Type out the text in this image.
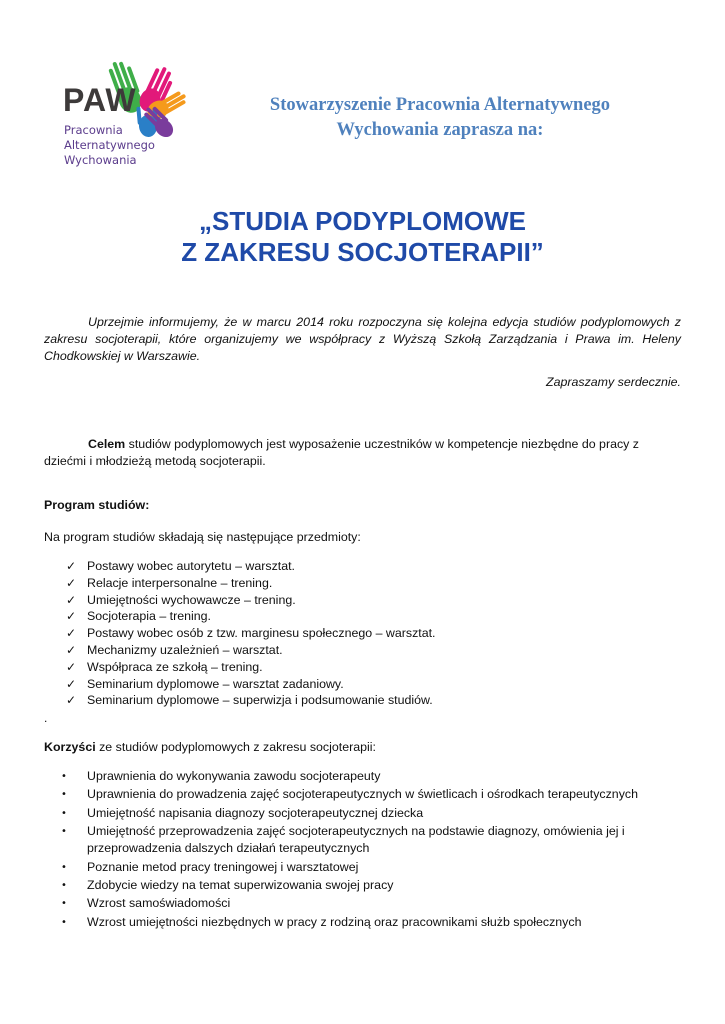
PAW
Pracownia
Alternatywnego
Wychowania
Stowarzyszenie Pracownia Alternatywnego
Wychowania zaprasza na:
„STUDIA PODYPLOMOWE
Z ZAKRESU SOCJOTERAPII”

Uprzejmie informujemy, że w marcu 2014 roku rozpoczyna się kolejna edycja studiów podyplomowych z zakresu socjoterapii, które organizujemy we współpracy z Wyższą Szkołą Zarządzania i Prawa im. Heleny Chodkowskiej w Warszawie.

Zapraszamy serdecznie.

Celem studiów podyplomowych jest wyposażenie uczestników w kompetencje niezbędne do pracy z dziećmi i młodzieżą metodą socjoterapii.

Program studiów:
Na program studiów składają się następujące przedmioty:
✓ Postawy wobec autorytetu – warsztat.
✓ Relacje interpersonalne – trening.
✓ Umiejętności wychowawcze – trening.
✓ Socjoterapia – trening.
✓ Postawy wobec osób z tzw. marginesu społecznego – warsztat.
✓ Mechanizmy uzależnień – warsztat.
✓ Współpraca ze szkołą – trening.
✓ Seminarium dyplomowe – warsztat zadaniowy.
✓ Seminarium dyplomowe – superwizja i podsumowanie studiów.
.
Korzyści ze studiów podyplomowych z zakresu socjoterapii:
• Uprawnienia do wykonywania zawodu socjoterapeuty
• Uprawnienia do prowadzenia zajęć socjoterapeutycznych w świetlicach i ośrodkach terapeutycznych
• Umiejętność napisania diagnozy socjoterapeutycznej dziecka
• Umiejętność przeprowadzenia zajęć socjoterapeutycznych na podstawie diagnozy, omówienia jej i przeprowadzenia dalszych działań terapeutycznych
• Poznanie metod pracy treningowej i warsztatowej
• Zdobycie wiedzy na temat superwizowania swojej pracy
• Wzrost samoświadomości
• Wzrost umiejętności niezbędnych w pracy z rodziną oraz pracownikami służb społecznych
